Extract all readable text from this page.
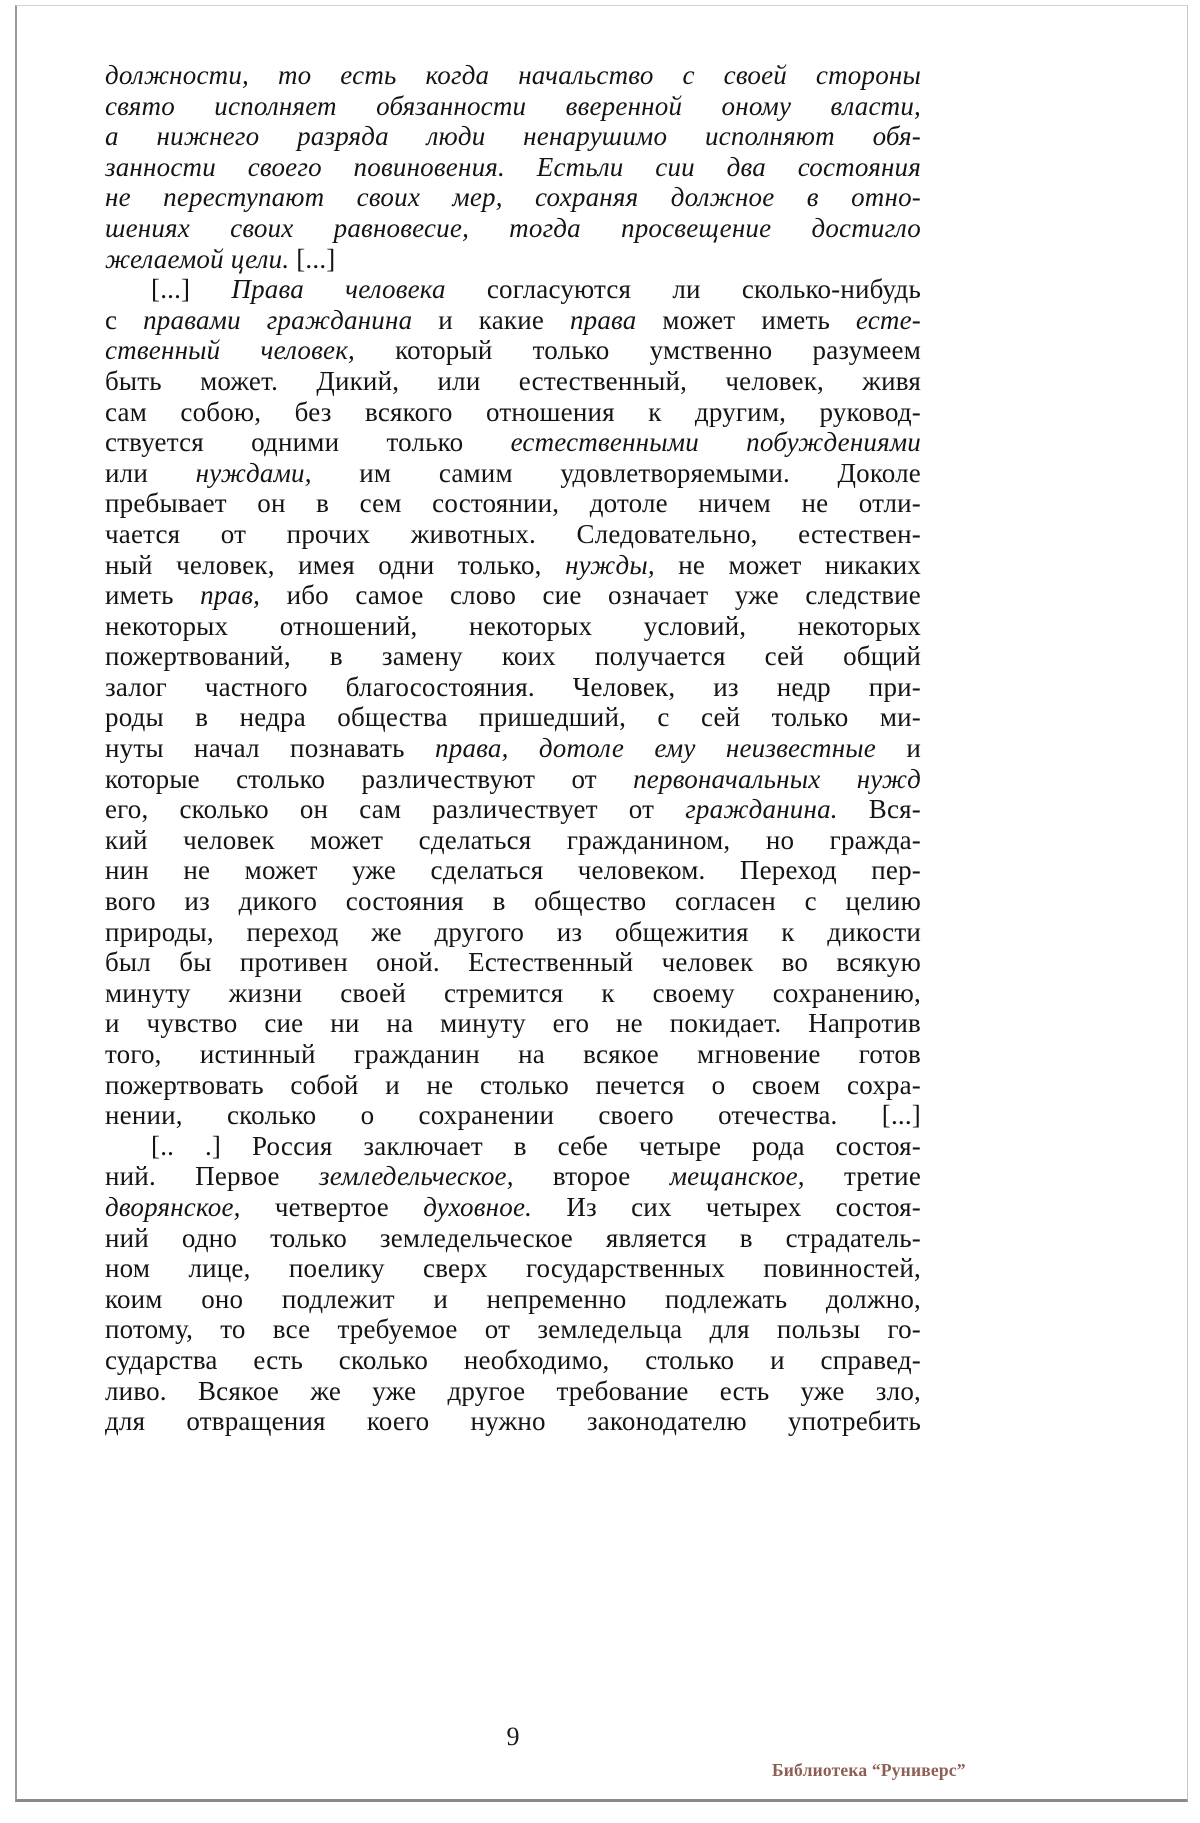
должности, то есть когда начальство с своей стороны
свято исполняет обязанности вверенной оному власти,
а нижнего разряда люди ненарушимо исполняют обя-
занности своего повиновения. Естьли сии два состояния
не переступают своих мер, сохраняя должное в отно-
шениях своих равновесие, тогда просвещение достигло
желаемой цели. [...]
[...] Права человека согласуются ли сколько-нибудь
с правами гражданина и какие права может иметь есте-
ственный человек, который только умственно разумеем
быть может. Дикий, или естественный, человек, живя
сам собою, без всякого отношения к другим, руковод-
ствуется одними только естественными побуждениями
или нуждами, им самим удовлетворяемыми. Доколе
пребывает он в сем состоянии, дотоле ничем не отли-
чается от прочих животных. Следовательно, естествен-
ный человек, имея одни только, нужды, не может никаких
иметь прав, ибо самое слово сие означает уже следствие
некоторых отношений, некоторых условий, некоторых
пожертвований, в замену коих получается сей общий
залог частного благосостояния. Человек, из недр при-
роды в недра общества пришедший, с сей только ми-
нуты начал познавать права, дотоле ему неизвестные и
которые столько различествуют от первоначальных нужд
его, сколько он сам различествует от гражданина. Вся-
кий человек может сделаться гражданином, но гражда-
нин не может уже сделаться человеком. Переход пер-
вого из дикого состояния в общество согласен с целию
природы, переход же другого из общежития к дикости
был бы противен оной. Естественный человек во всякую
минуту жизни своей стремится к своему сохранению,
и чувство сие ни на минуту его не покидает. Напротив
того, истинный гражданин на всякое мгновение готов
пожертвовать собой и не столько печется о своем сохра-
нении, сколько о сохранении своего отечества. [...]
[.. .] Россия заключает в себе четыре рода состоя-
ний. Первое земледельческое, второе мещанское, третие
дворянское, четвертое духовное. Из сих четырех состоя-
ний одно только земледельческое является в страдатель-
ном лице, поелику сверх государственных повинностей,
коим оно подлежит и непременно подлежать должно,
потому, то все требуемое от земледельца для пользы го-
сударства есть сколько необходимо, столько и справед-
ливо. Всякое же уже другое требование есть уже зло,
для отвращения коего нужно законодателю употребить
9
Библиотека “Руниверс”
